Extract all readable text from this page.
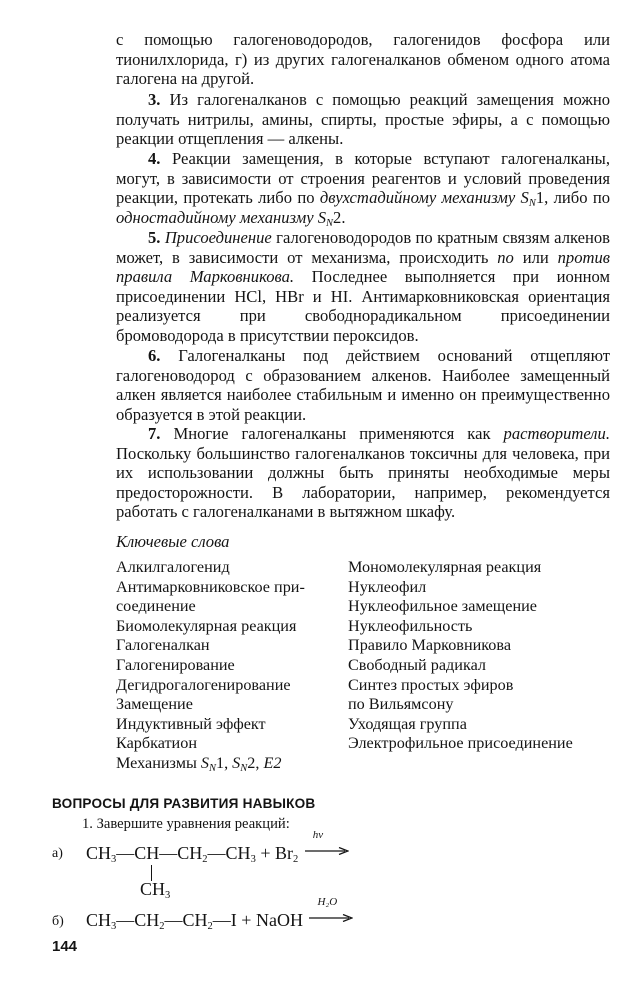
с помощью галогеноводородов, галогенидов фосфора или тионилхлорида, г) из других галогеналканов обменом одного атома галогена на другой.

3. Из галогеналканов с помощью реакций замещения можно получать нитрилы, амины, спирты, простые эфиры, а с помощью реакции отщепления — алкены.

4. Реакции замещения, в которые вступают галогеналканы, могут, в зависимости от строения реагентов и условий проведения реакции, протекать либо по двухстадийному механизму $S_N1$, либо по одностадийному механизму $S_N2$.

5. Присоединение галогеноводородов по кратным связям алкенов может, в зависимости от механизма, происходить по или против правила Марковникова. Последнее выполняется при ионном присоединении HCl, HBr и HI. Антимарковниковская ориентация реализуется при свободнорадикальном присоединении бромоводорода в присутствии пероксидов.

6. Галогеналканы под действием оснований отщепляют галогеноводород с образованием алкенов. Наиболее замещенный алкен является наиболее стабильным и именно он преимущественно образуется в этой реакции.

7. Многие галогеналканы применяются как растворители. Поскольку большинство галогеналканов токсичны для человека, при их использовании должны быть приняты необходимые меры предосторожности. В лаборатории, например, рекомендуется работать с галогеналканами в вытяжном шкафу.

Ключевые слова
Алкилгалогенид
Антимарковниковское при-
соединение
Биомолекулярная реакция
Галогеналкан
Галогенирование
Дегидрогалогенирование
Замещение
Индуктивный эффект
Карбкатион
Механизмы $S_N1$, $S_N2$, E2
Мономолекулярная реакция
Нуклеофил
Нуклеофильное замещение
Нуклеофильность
Правило Марковникова
Свободный радикал
Синтез простых эфиров
по Вильямсону
Уходящая группа
Электрофильное присоединение
ВОПРОСЫ ДЛЯ РАЗВИТИЯ НАВЫКОВ
1. Завершите уравнения реакций:
а) $CH_3—CH—CH_2—CH_3 + Br_2$
hν
$CH_3$
б) $CH_3—CH_2—CH_2—I$ + NaOH
H₂O
144
